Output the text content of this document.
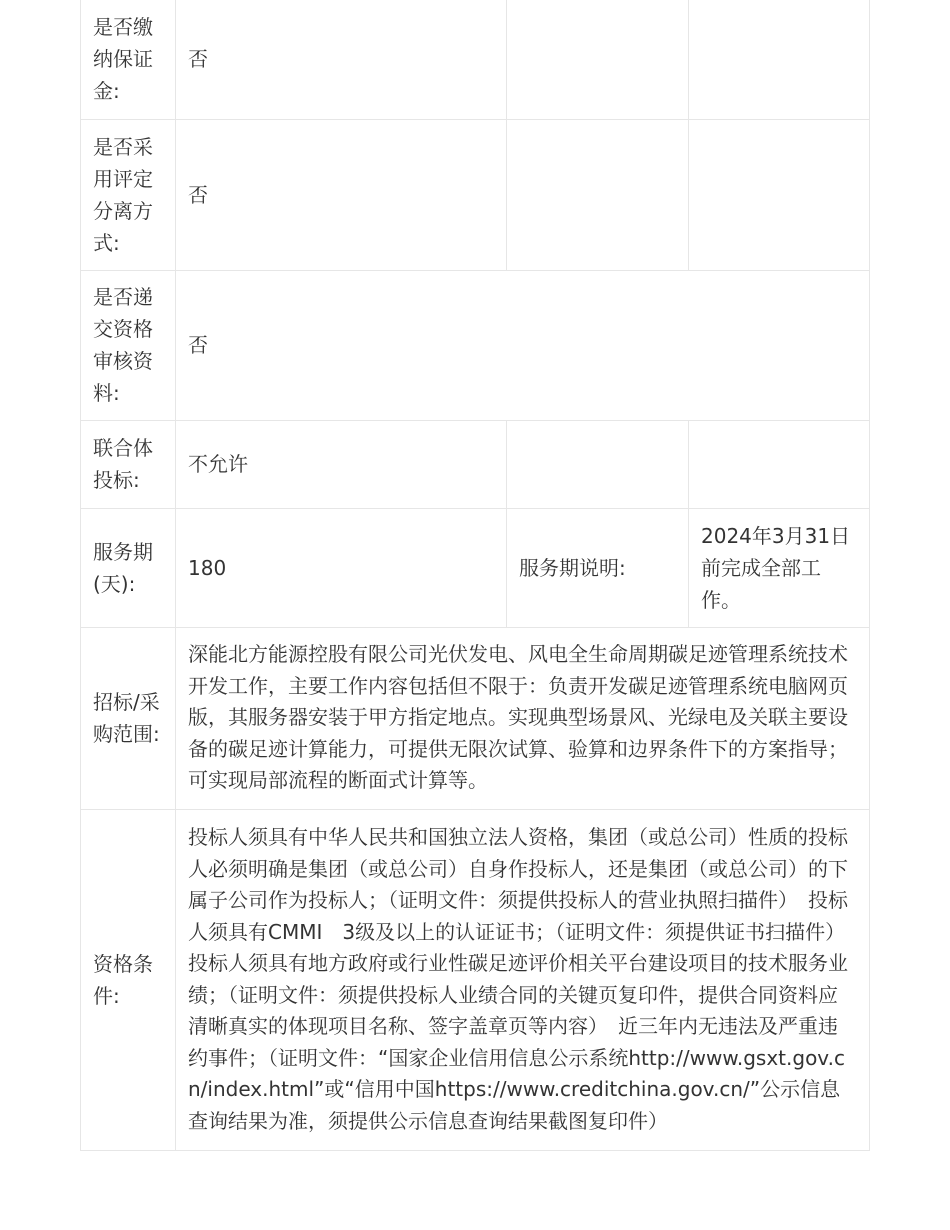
是否缴纳保证金:	否		

是否采用评定分离方式:	否		

是否递交资格审核资料:	否		

联合体投标:	不允许		

服务期(天):	180	服务期说明:	2024年3月31日前完成全部工作。

招标/采购范围:	深能北方能源控股有限公司光伏发电、风电全生命周期碳足迹管理系统技术开发工作，主要工作内容包括但不限于：负责开发碳足迹管理系统电脑网页版，其服务器安装于甲方指定地点。实现典型场景风、光绿电及关联主要设备的碳足迹计算能力，可提供无限次试算、验算和边界条件下的方案指导；可实现局部流程的断面式计算等。		

资格条件:	投标人须具有中华人民共和国独立法人资格，集团（或总公司）性质的投标人必须明确是集团（或总公司）自身作投标人，还是集团（或总公司）的下属子公司作为投标人；（证明文件：须提供投标人的营业执照扫描件）　投标人须具有CMMI　3级及以上的认证证书；（证明文件：须提供证书扫描件）　投标人须具有地方政府或行业性碳足迹评价相关平台建设项目的技术服务业绩；（证明文件：须提供投标人业绩合同的关键页复印件，提供合同资料应清晰真实的体现项目名称、签字盖章页等内容）　近三年内无违法及严重违约事件；（证明文件：“国家企业信用信息公示系统http://www.gsxt.gov.cn/index.html”或“信用中国https://www.creditchina.gov.cn/”公示信息查询结果为准，须提供公示信息查询结果截图复印件）		
